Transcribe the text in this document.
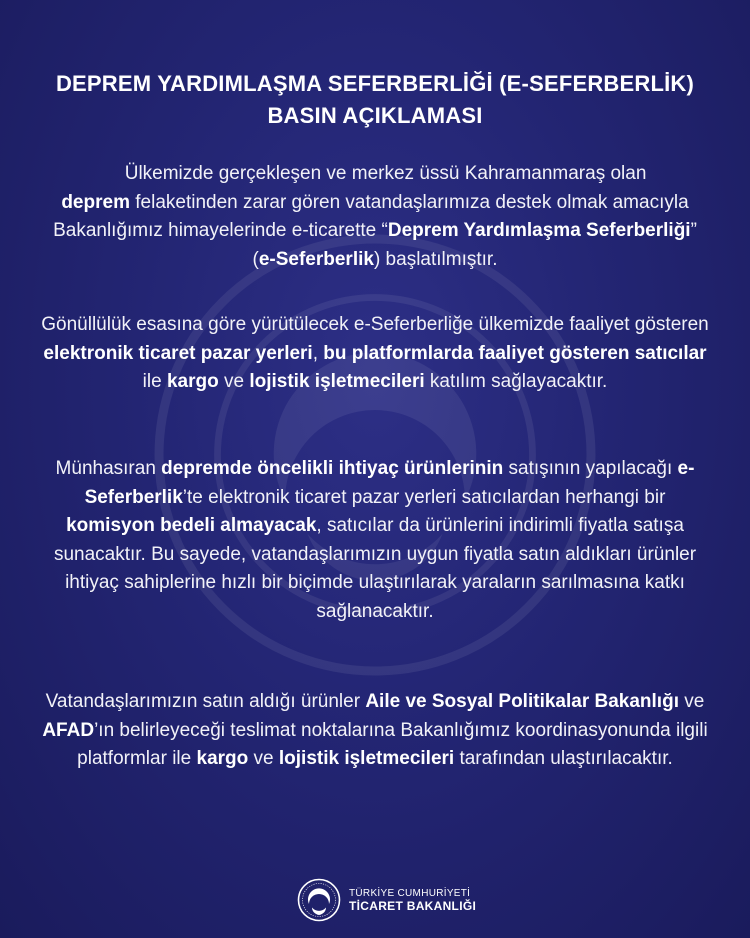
DEPREM YARDIMLAŞMA SEFERBERLİĞİ (E-SEFERBERLİK)
BASIN AÇIKLAMASI
Ülkemizde gerçekleşen ve merkez üssü Kahramanmaraş olan
deprem felaketinden zarar gören vatandaşlarımıza destek olmak amacıyla Bakanlığımız himayelerinde e-ticarette “Deprem Yardımlaşma Seferberliği” (e-Seferberlik) başlatılmıştır.
Gönüllülük esasına göre yürütülecek e-Seferberliğe ülkemizde faaliyet gösteren elektronik ticaret pazar yerleri, bu platformlarda faaliyet gösteren satıcılar ile kargo ve lojistik işletmecileri katılım sağlayacaktır.
Münhasıran depremde öncelikli ihtiyaç ürünlerinin satışının yapılacağı e-Seferberlik’te elektronik ticaret pazar yerleri satıcılardan herhangi bir komisyon bedeli almayacak, satıcılar da ürünlerini indirimli fiyatla satışa sunacaktır. Bu sayede, vatandaşlarımızın uygun fiyatla satın aldıkları ürünler ihtiyaç sahiplerine hızlı bir biçimde ulaştırılarak yaraların sarılmasına katkı sağlanacaktır.
Vatandaşlarımızın satın aldığı ürünler Aile ve Sosyal Politikalar Bakanlığı ve AFAD’ın belirleyeceği teslimat noktalarına Bakanlığımız koordinasyonunda ilgili platformlar ile kargo ve lojistik işletmecileri tarafından ulaştırılacaktır.
TÜRKİYE CUMHURİYETİ
TİCARET BAKANLIĞI
